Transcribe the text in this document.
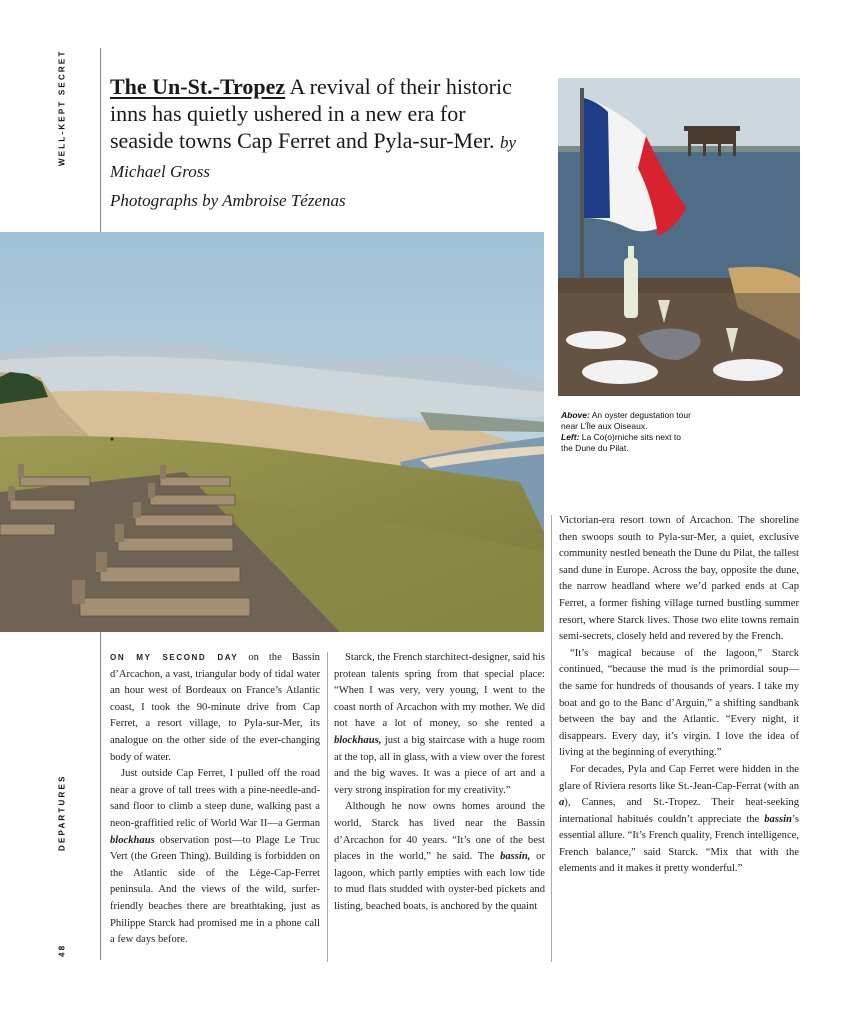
WELL-KEPT SECRET
DEPARTURES
48
The Un-St.-Tropez A revival of their historic inns has quietly ushered in a new era for seaside towns Cap Ferret and Pyla-sur-Mer. by Michael Gross
Photographs by Ambroise Tézenas
Above: An oyster degustation tour near L’Île aux Oiseaux.
Left: La Co(o)rniche sits next to the Dune du Pilat.

ON MY SECOND DAY on the Bassin d’Arcachon, a vast, triangular body of tidal water an hour west of Bordeaux on France’s Atlantic coast, I took the 90-minute drive from Cap Ferret, a resort village, to Pyla-sur-Mer, its analogue on the other side of the ever-changing body of water.

Just outside Cap Ferret, I pulled off the road near a grove of tall trees with a pine-needle-and-sand floor to climb a steep dune, walking past a neon-graffitied relic of World War II—a German blockhaus observation post—to Plage Le Truc Vert (the Green Thing). Building is forbidden on the Atlantic side of the Lège-Cap-Ferret peninsula. And the views of the wild, surfer-friendly beaches there are breathtaking, just as Philippe Starck had promised me in a phone call a few days before.

Starck, the French starchitect-designer, said his protean talents spring from that special place: “When I was very, very young, I went to the coast north of Arcachon with my mother. We did not have a lot of money, so she rented a blockhaus, just a big staircase with a huge room at the top, all in glass, with a view over the forest and the big waves. It was a piece of art and a very strong inspiration for my creativity.”

Although he now owns homes around the world, Starck has lived near the Bassin d’Arcachon for 40 years. “It’s one of the best places in the world,” he said. The bassin, or lagoon, which partly empties with each low tide to mud flats studded with oyster-bed pickets and listing, beached boats, is anchored by the quaint

Victorian-era resort town of Arcachon. The shoreline then swoops south to Pyla-sur-Mer, a quiet, exclusive community nestled beneath the Dune du Pilat, the tallest sand dune in Europe. Across the bay, opposite the dune, the narrow headland where we’d parked ends at Cap Ferret, a former fishing village turned bustling summer resort, where Starck lives. Those two elite towns remain semi-secrets, closely held and revered by the French.

“It’s magical because of the lagoon,” Starck continued, “because the mud is the primordial soup—the same for hundreds of thousands of years. I take my boat and go to the Banc d’Arguin,” a shifting sandbank between the bay and the Atlantic. “Every night, it disappears. Every day, it’s virgin. I love the idea of living at the beginning of everything.”

For decades, Pyla and Cap Ferret were hidden in the glare of Riviera resorts like St.-Jean-Cap-Ferrat (with an a), Cannes, and St.-Tropez. Their heat-seeking international habitués couldn’t appreciate the bassin’s essential allure. “It’s French quality, French intelligence, French balance,” said Starck. “Mix that with the elements and it makes it pretty wonderful.”
